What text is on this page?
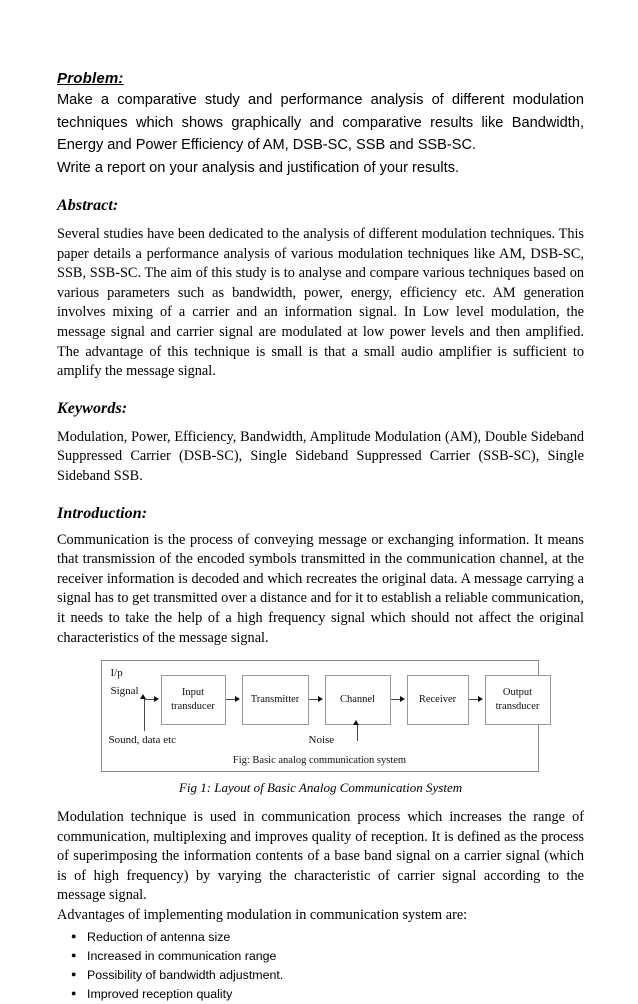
Problem:

Make a comparative study and performance analysis of different modulation techniques which shows graphically and comparative results like Bandwidth, Energy and Power Efficiency of AM, DSB-SC, SSB and SSB-SC.

Write a report on your analysis and justification of your results.

Abstract:

Several studies have been dedicated to the analysis of different modulation techniques. This paper details a performance analysis of various modulation techniques like AM, DSB-SC, SSB, SSB-SC. The aim of this study is to analyse and compare various techniques based on various parameters such as bandwidth, power, energy, efficiency etc. AM generation involves mixing of a carrier and an information signal. In Low level modulation, the message signal and carrier signal are modulated at low power levels and then amplified. The advantage of this technique is small is that a small audio amplifier is sufficient to amplify the message signal.

Keywords:

Modulation, Power, Efficiency, Bandwidth, Amplitude Modulation (AM), Double Sideband Suppressed Carrier (DSB-SC), Single Sideband Suppressed Carrier (SSB-SC), Single Sideband SSB.

Introduction:

Communication is the process of conveying message or exchanging information. It means that transmission of the encoded symbols transmitted in the communication channel, at the receiver information is decoded and which recreates the original data. A message carrying a signal has to get transmitted over a distance and for it to establish a reliable communication, it needs to take the help of a high frequency signal which should not affect the original characteristics of the message signal.

I/p
Signal
Sound, data etc	Noise
Input
transducer
Transmitter	Channel	Receiver
Output
transducer
Fig: Basic analog communication system

Fig 1: Layout of Basic Analog Communication System

Modulation technique is used in communication process which increases the range of communication, multiplexing and improves quality of reception. It is defined as the process of superimposing the information contents of a base band signal on a carrier signal (which is of high frequency) by varying the characteristic of carrier signal according to the message signal.

Advantages of implementing modulation in communication system are:

● Reduction of antenna size
● Increased in communication range
● Possibility of bandwidth adjustment.
● Improved reception quality
